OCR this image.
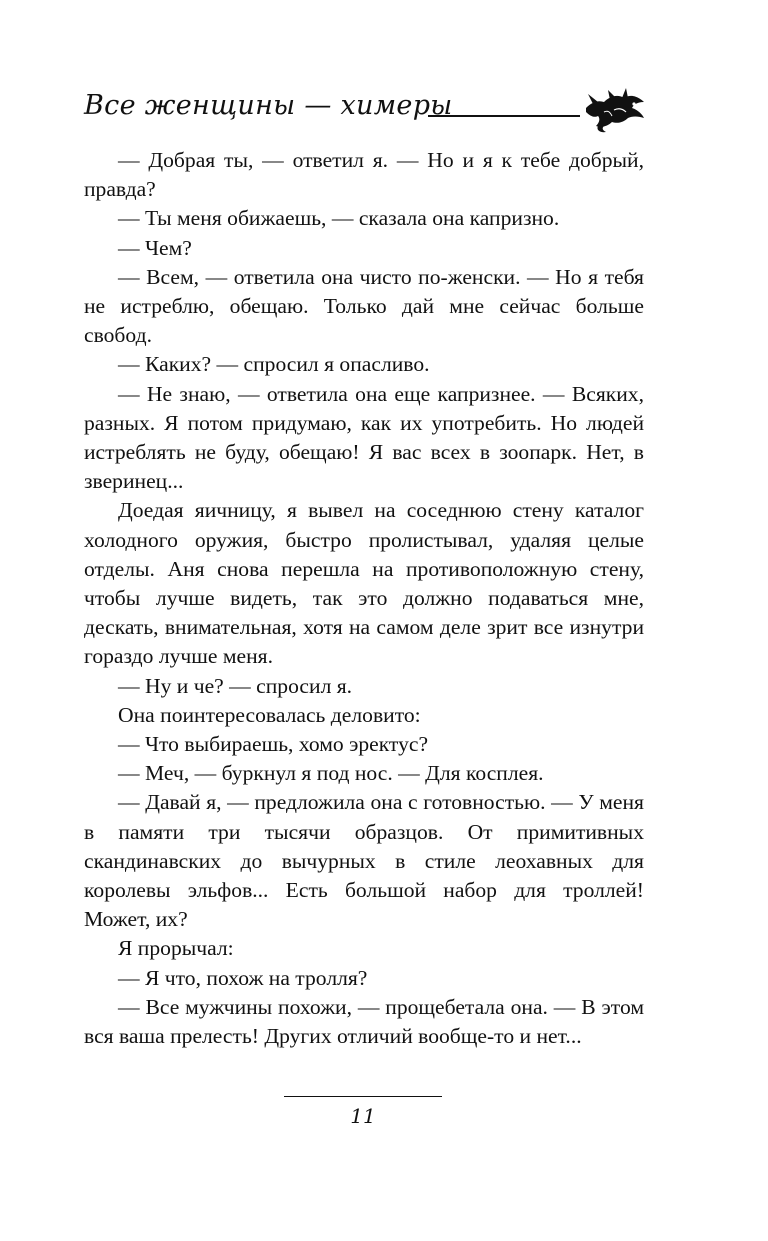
Все женщины — химеры

— Добрая ты, — ответил я. — Но и я к тебе добрый, правда?

— Ты меня обижаешь, — сказала она капризно.

— Чем?

— Всем, — ответила она чисто по-женски. — Но я тебя не истреблю, обещаю. Только дай мне сейчас больше свобод.

— Каких? — спросил я опасливо.

— Не знаю, — ответила она еще капризнее. — Всяких, разных. Я потом придумаю, как их употребить. Но людей истреблять не буду, обещаю! Я вас всех в зоопарк. Нет, в зверинец...

Доедая яичницу, я вывел на соседнюю стену каталог холодного оружия, быстро пролистывал, удаляя целые отделы. Аня снова перешла на противоположную стену, чтобы лучше видеть, так это должно подаваться мне, дескать, внимательная, хотя на самом деле зрит все изнутри гораздо лучше меня.

— Ну и че? — спросил я.

Она поинтересовалась деловито:

— Что выбираешь, хомо эректус?

— Меч, — буркнул я под нос. — Для косплея.

— Давай я, — предложила она с готовностью. — У меня в памяти три тысячи образцов. От примитивных скандинавских до вычурных в стиле леохавных для королевы эльфов... Есть большой набор для троллей! Может, их?

Я прорычал:

— Я что, похож на тролля?

— Все мужчины похожи, — прощебетала она. — В этом вся ваша прелесть! Других отличий вообще-то и нет...

11
